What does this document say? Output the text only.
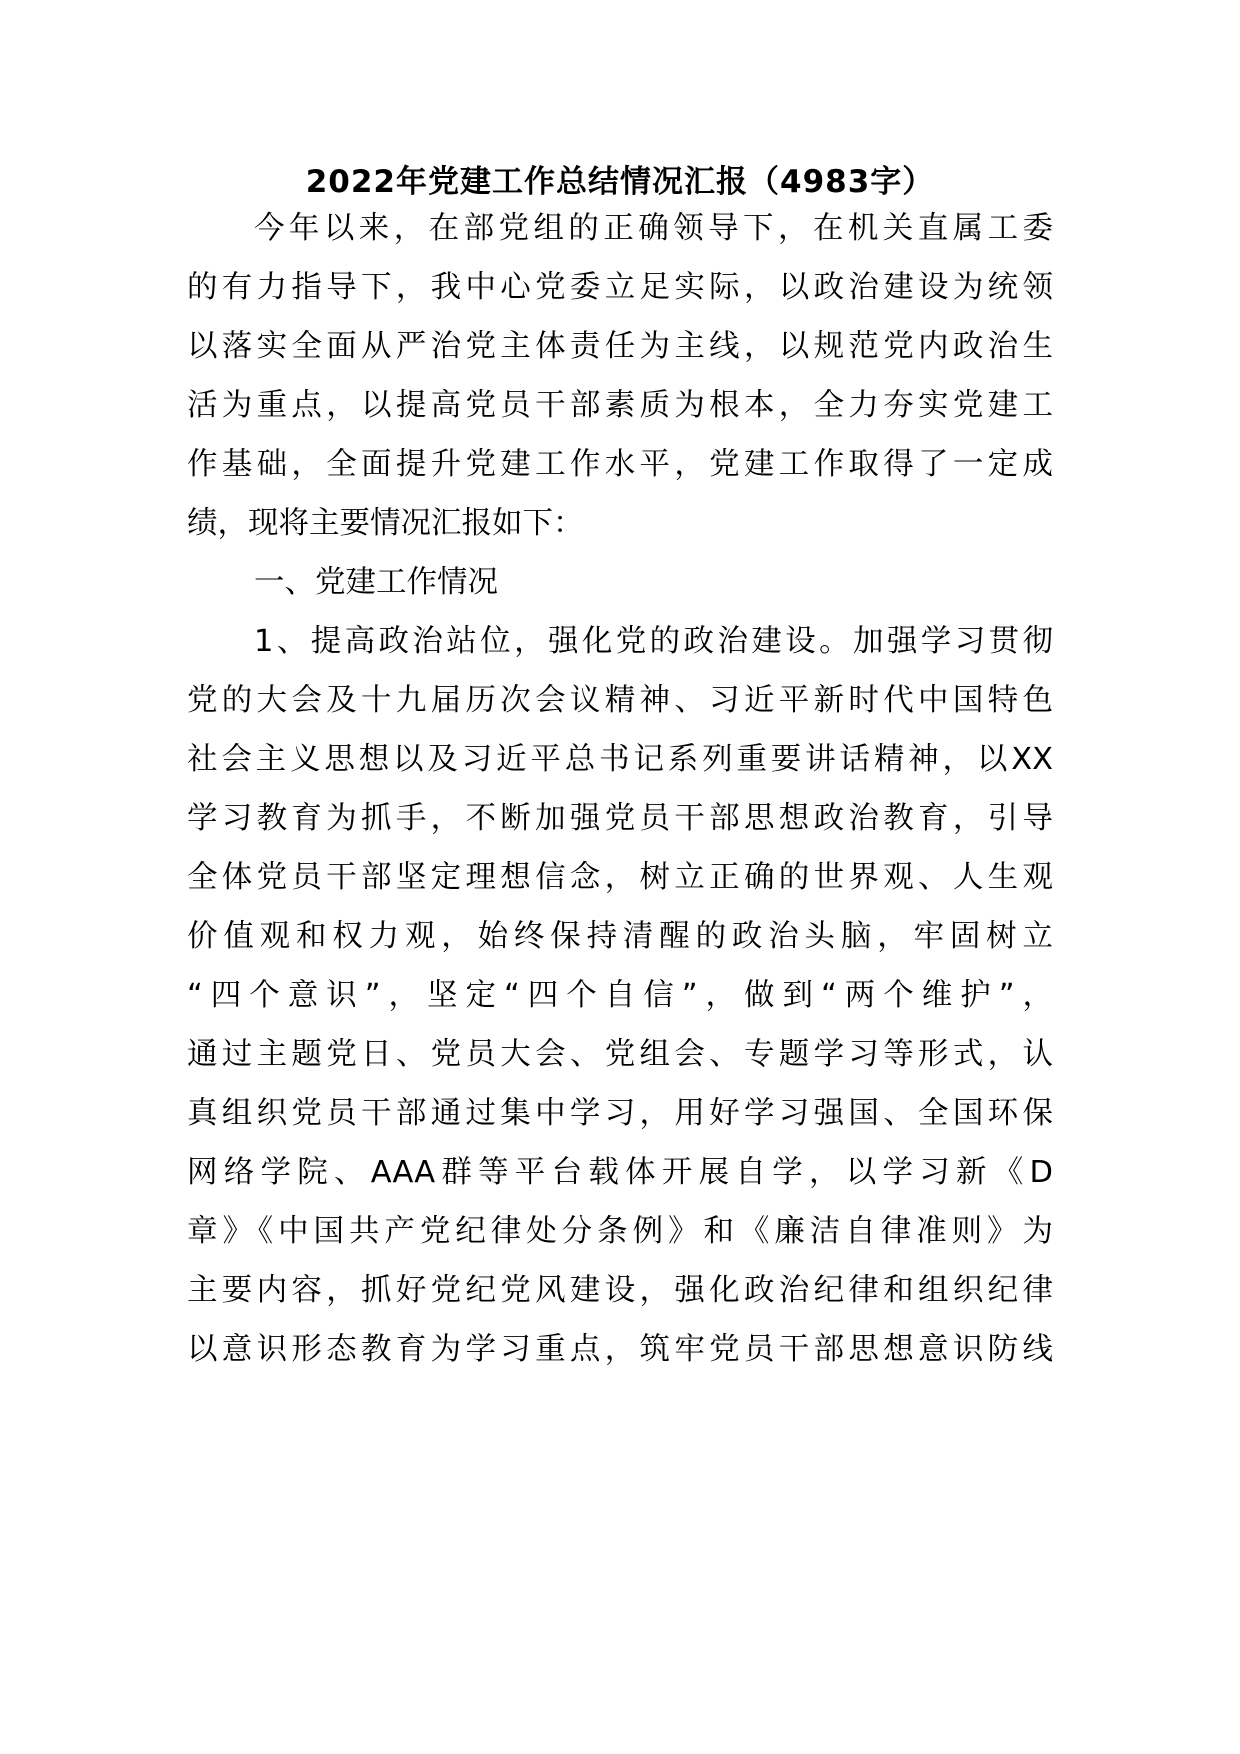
2022年党建工作总结情况汇报（4983字）
今年以来，在部党组的正确领导下，在机关直属工委
的有力指导下，我中心党委立足实际，以政治建设为统领
以落实全面从严治党主体责任为主线，以规范党内政治生
活为重点，以提高党员干部素质为根本，全力夯实党建工
作基础，全面提升党建工作水平，党建工作取得了一定成
绩，现将主要情况汇报如下：
一、党建工作情况
1、提高政治站位，强化党的政治建设。加强学习贯彻
党的大会及十九届历次会议精神、习近平新时代中国特色
社会主义思想以及习近平总书记系列重要讲话精神，以XX
学习教育为抓手，不断加强党员干部思想政治教育，引导
全体党员干部坚定理想信念，树立正确的世界观、人生观
价值观和权力观，始终保持清醒的政治头脑，牢固树立
“四个意识”，坚定“四个自信”，做到“两个维护”，
通过主题党日、党员大会、党组会、专题学习等形式，认
真组织党员干部通过集中学习，用好学习强国、全国环保
网络学院、AAA群等平台载体开展自学，以学习新《D
章》《中国共产党纪律处分条例》和《廉洁自律准则》为
主要内容，抓好党纪党风建设，强化政治纪律和组织纪律
以意识形态教育为学习重点，筑牢党员干部思想意识防线
